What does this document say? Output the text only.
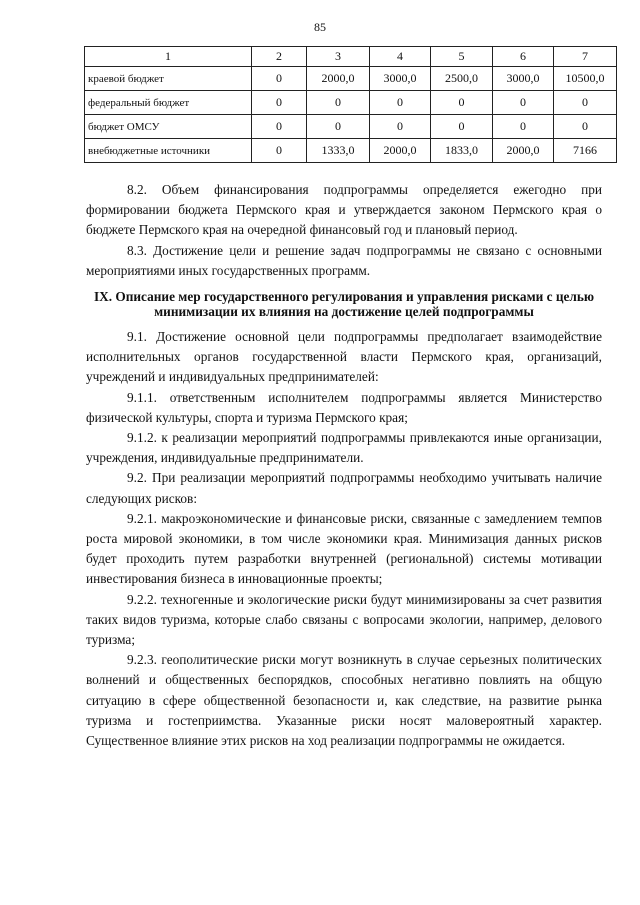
85
1	2	3	4	5	6	7
краевой бюджет	0	2000,0	3000,0	2500,0	3000,0	10500,0
федеральный бюджет	0	0	0	0	0	0
бюджет ОМСУ	0	0	0	0	0	0
внебюджетные источники	0	1333,0	2000,0	1833,0	2000,0	7166

8.2. Объем финансирования подпрограммы определяется ежегодно при формировании бюджета Пермского края и утверждается законом Пермского края о бюджете Пермского края на очередной финансовый год и плановый период.

8.3. Достижение цели и решение задач подпрограммы не связано с основными мероприятиями иных государственных программ.

IX. Описание мер государственного регулирования и управления рисками с целью минимизации их влияния на достижение целей подпрограммы

9.1. Достижение основной цели подпрограммы предполагает взаимодействие исполнительных органов государственной власти Пермского края, организаций, учреждений и индивидуальных предпринимателей:

9.1.1. ответственным исполнителем подпрограммы является Министерство физической культуры, спорта и туризма Пермского края;

9.1.2. к реализации мероприятий подпрограммы привлекаются иные организации, учреждения, индивидуальные предприниматели.

9.2. При реализации мероприятий подпрограммы необходимо учитывать наличие следующих рисков:

9.2.1. макроэкономические и финансовые риски, связанные с замедлением темпов роста мировой экономики, в том числе экономики края. Минимизация данных рисков будет проходить путем разработки внутренней (региональной) системы мотивации инвестирования бизнеса в инновационные проекты;

9.2.2. техногенные и экологические риски будут минимизированы за счет развития таких видов туризма, которые слабо связаны с вопросами экологии, например, делового туризма;

9.2.3. геополитические риски могут возникнуть в случае серьезных политических волнений и общественных беспорядков, способных негативно повлиять на общую ситуацию в сфере общественной безопасности и, как следствие, на развитие рынка туризма и гостеприимства. Указанные риски носят маловероятный характер. Существенное влияние этих рисков на ход реализации подпрограммы не ожидается.
